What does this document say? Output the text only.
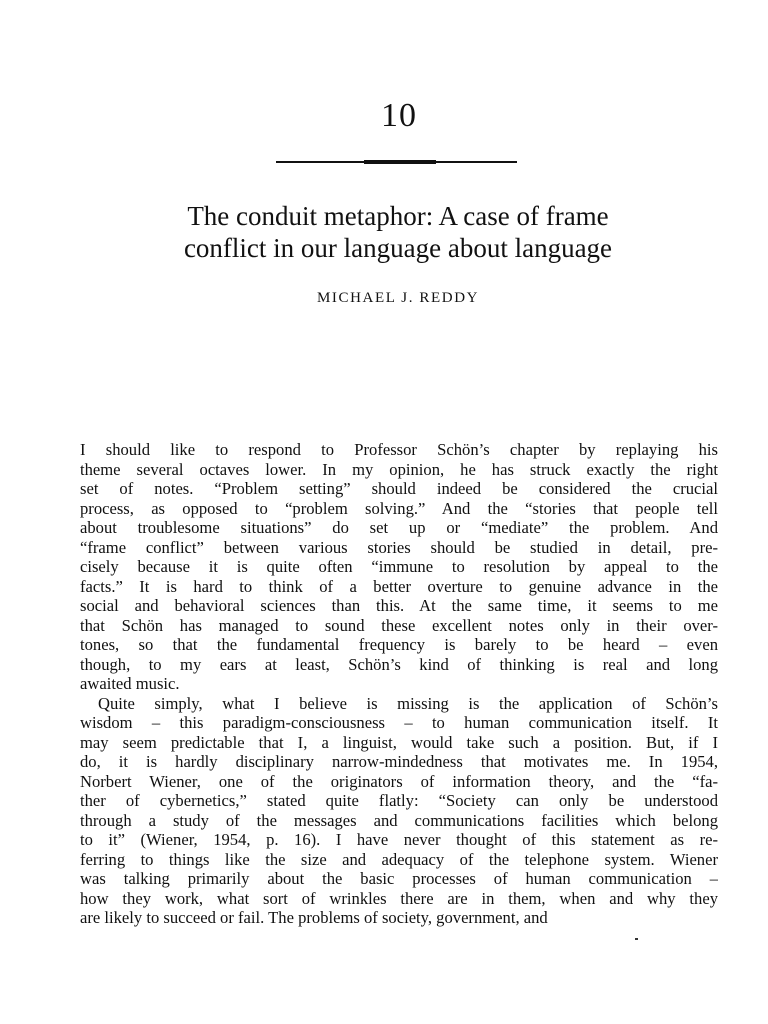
10
The conduit metaphor: A case of frame
conflict in our language about language
MICHAEL J. REDDY
I should like to respond to Professor Schön’s chapter by replaying his
theme several octaves lower. In my opinion, he has struck exactly the right
set of notes. “Problem setting” should indeed be considered the crucial
process, as opposed to “problem solving.” And the “stories that people tell
about troublesome situations” do set up or “mediate” the problem. And
“frame conflict” between various stories should be studied in detail, pre-
cisely because it is quite often “immune to resolution by appeal to the
facts.” It is hard to think of a better overture to genuine advance in the
social and behavioral sciences than this. At the same time, it seems to me
that Schön has managed to sound these excellent notes only in their over-
tones, so that the fundamental frequency is barely to be heard – even
though, to my ears at least, Schön’s kind of thinking is real and long
awaited music.
Quite simply, what I believe is missing is the application of Schön’s
wisdom – this paradigm-consciousness – to human communication itself. It
may seem predictable that I, a linguist, would take such a position. But, if I
do, it is hardly disciplinary narrow-mindedness that motivates me. In 1954,
Norbert Wiener, one of the originators of information theory, and the “fa-
ther of cybernetics,” stated quite flatly: “Society can only be understood
through a study of the messages and communications facilities which belong
to it” (Wiener, 1954, p. 16). I have never thought of this statement as re-
ferring to things like the size and adequacy of the telephone system. Wiener
was talking primarily about the basic processes of human communication –
how they work, what sort of wrinkles there are in them, when and why they
are likely to succeed or fail. The problems of society, government, and
